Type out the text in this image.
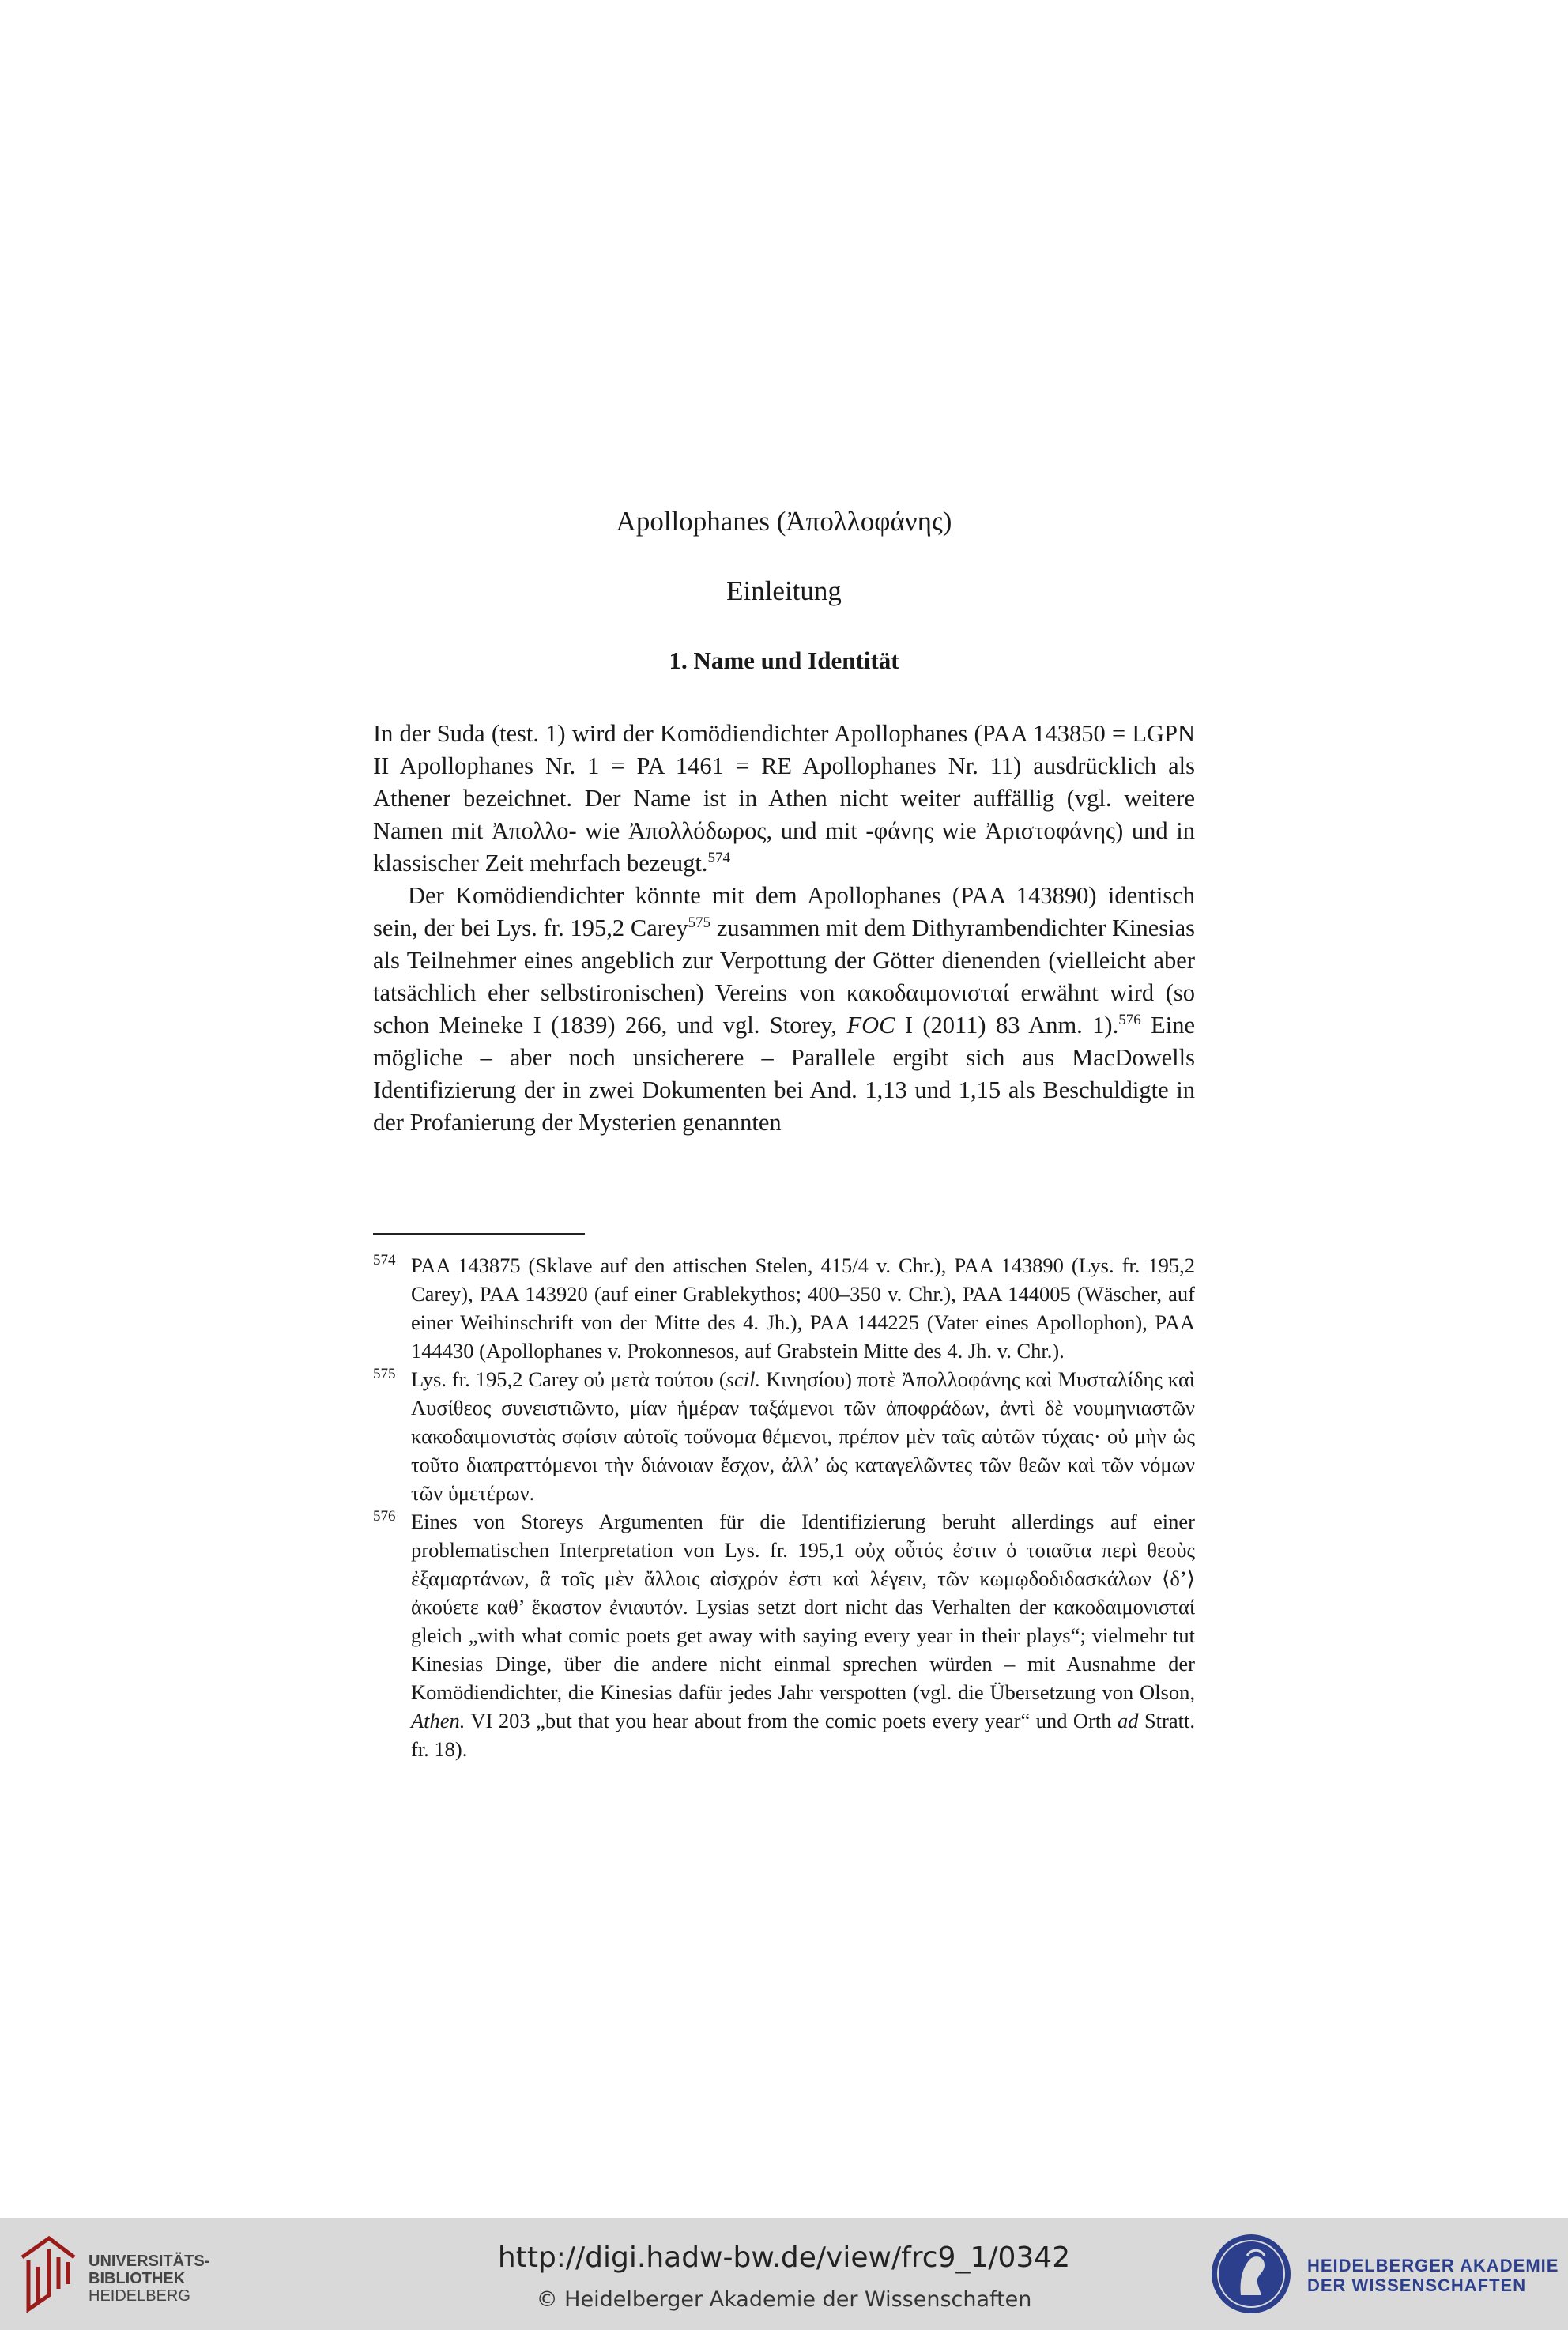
Apollophanes (Ἀπολλοφάνης)
Einleitung
1. Name und Identität

In der Suda (test. 1) wird der Komödiendichter Apollophanes (PAA 143850 = LGPN II Apollophanes Nr. 1 = PA 1461 = RE Apollophanes Nr. 11) ausdrücklich als Athener bezeichnet. Der Name ist in Athen nicht weiter auffällig (vgl. weitere Namen mit Ἀπολλο- wie Ἀπολλόδωρος, und mit -φάνης wie Ἀριστοφάνης) und in klassischer Zeit mehrfach bezeugt.$^{574}$

Der Komödiendichter könnte mit dem Apollophanes (PAA 143890) identisch sein, der bei Lys. fr. 195,2 Carey$^{575}$ zusammen mit dem Dithyrambendichter Kinesias als Teilnehmer eines angeblich zur Verpottung der Götter dienenden (vielleicht aber tatsächlich eher selbstironischen) Vereins von κακοδαιμονισταί erwähnt wird (so schon Meineke I (1839) 266, und vgl. Storey, FOC I (2011) 83 Anm. 1).$^{576}$ Eine mögliche – aber noch unsicherere – Parallele ergibt sich aus MacDowells Identifizierung der in zwei Dokumenten bei And. 1,13 und 1,15 als Beschuldigte in der Profanierung der Mysterien genannten

574 PAA 143875 (Sklave auf den attischen Stelen, 415/4 v. Chr.), PAA 143890 (Lys. fr. 195,2 Carey), PAA 143920 (auf einer Grablekythos; 400–350 v. Chr.), PAA 144005 (Wäscher, auf einer Weihinschrift von der Mitte des 4. Jh.), PAA 144225 (Vater eines Apollophon), PAA 144430 (Apollophanes v. Prokonnesos, auf Grabstein Mitte des 4. Jh. v. Chr.).

575 Lys. fr. 195,2 Carey οὐ μετὰ τούτου (scil. Κινησίου) ποτὲ Ἀπολλοφάνης καὶ Μυσταλίδης καὶ Λυσίθεος συνειστιῶντο, μίαν ἡμέραν ταξάμενοι τῶν ἀποφράδων, ἀντὶ δὲ νουμηνιαστῶν κακοδαιμονιστὰς σφίσιν αὐτοῖς τοὔνομα θέμενοι, πρέπον μὲν ταῖς αὐτῶν τύχαις· οὐ μὴν ὡς τοῦτο διαπραττόμενοι τὴν διάνοιαν ἔσχον, ἀλλ’ ὡς καταγελῶντες τῶν θεῶν καὶ τῶν νόμων τῶν ὑμετέρων.

576 Eines von Storeys Argumenten für die Identifizierung beruht allerdings auf einer problematischen Interpretation von Lys. fr. 195,1 οὐχ οὗτός ἐστιν ὁ τοιαῦτα περὶ θεοὺς ἐξαμαρτάνων, ἃ τοῖς μὲν ἄλλοις αἰσχρόν ἐστι καὶ λέγειν, τῶν κωμῳδοδιδασκάλων ⟨δ’⟩ ἀκούετε καθ’ ἕκαστον ἐνιαυτόν. Lysias setzt dort nicht das Verhalten der κακοδαιμονισταί gleich „with what comic poets get away with saying every year in their plays“; vielmehr tut Kinesias Dinge, über die andere nicht einmal sprechen würden – mit Ausnahme der Komödiendichter, die Kinesias dafür jedes Jahr verspotten (vgl. die Übersetzung von Olson, Athen. VI 203 „but that you hear about from the comic poets every year“ und Orth ad Stratt. fr. 18).

UNIVERSITÄTS-
BIBLIOTHEK
HEIDELBERG
http://digi.hadw-bw.de/view/frc9_1/0342
© Heidelberger Akademie der Wissenschaften
HEIDELBERGER AKADEMIE
DER WISSENSCHAFTEN
